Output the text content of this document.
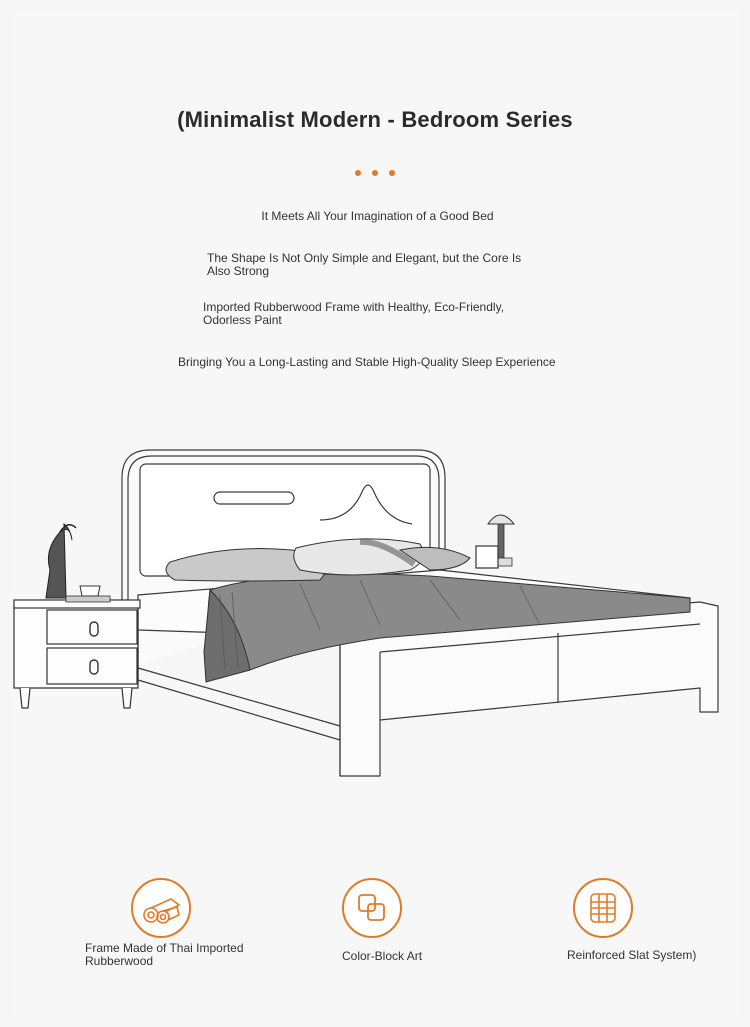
(Minimalist Modern - Bedroom Series
It Meets All Your Imagination of a Good Bed
The Shape Is Not Only Simple and Elegant, but the Core Is Also Strong
Imported Rubberwood Frame with Healthy, Eco-Friendly, Odorless Paint
Bringing You a Long-Lasting and Stable High-Quality Sleep Experience
Frame Made of Thai Imported Rubberwood	Color-Block Art	Reinforced Slat System)
